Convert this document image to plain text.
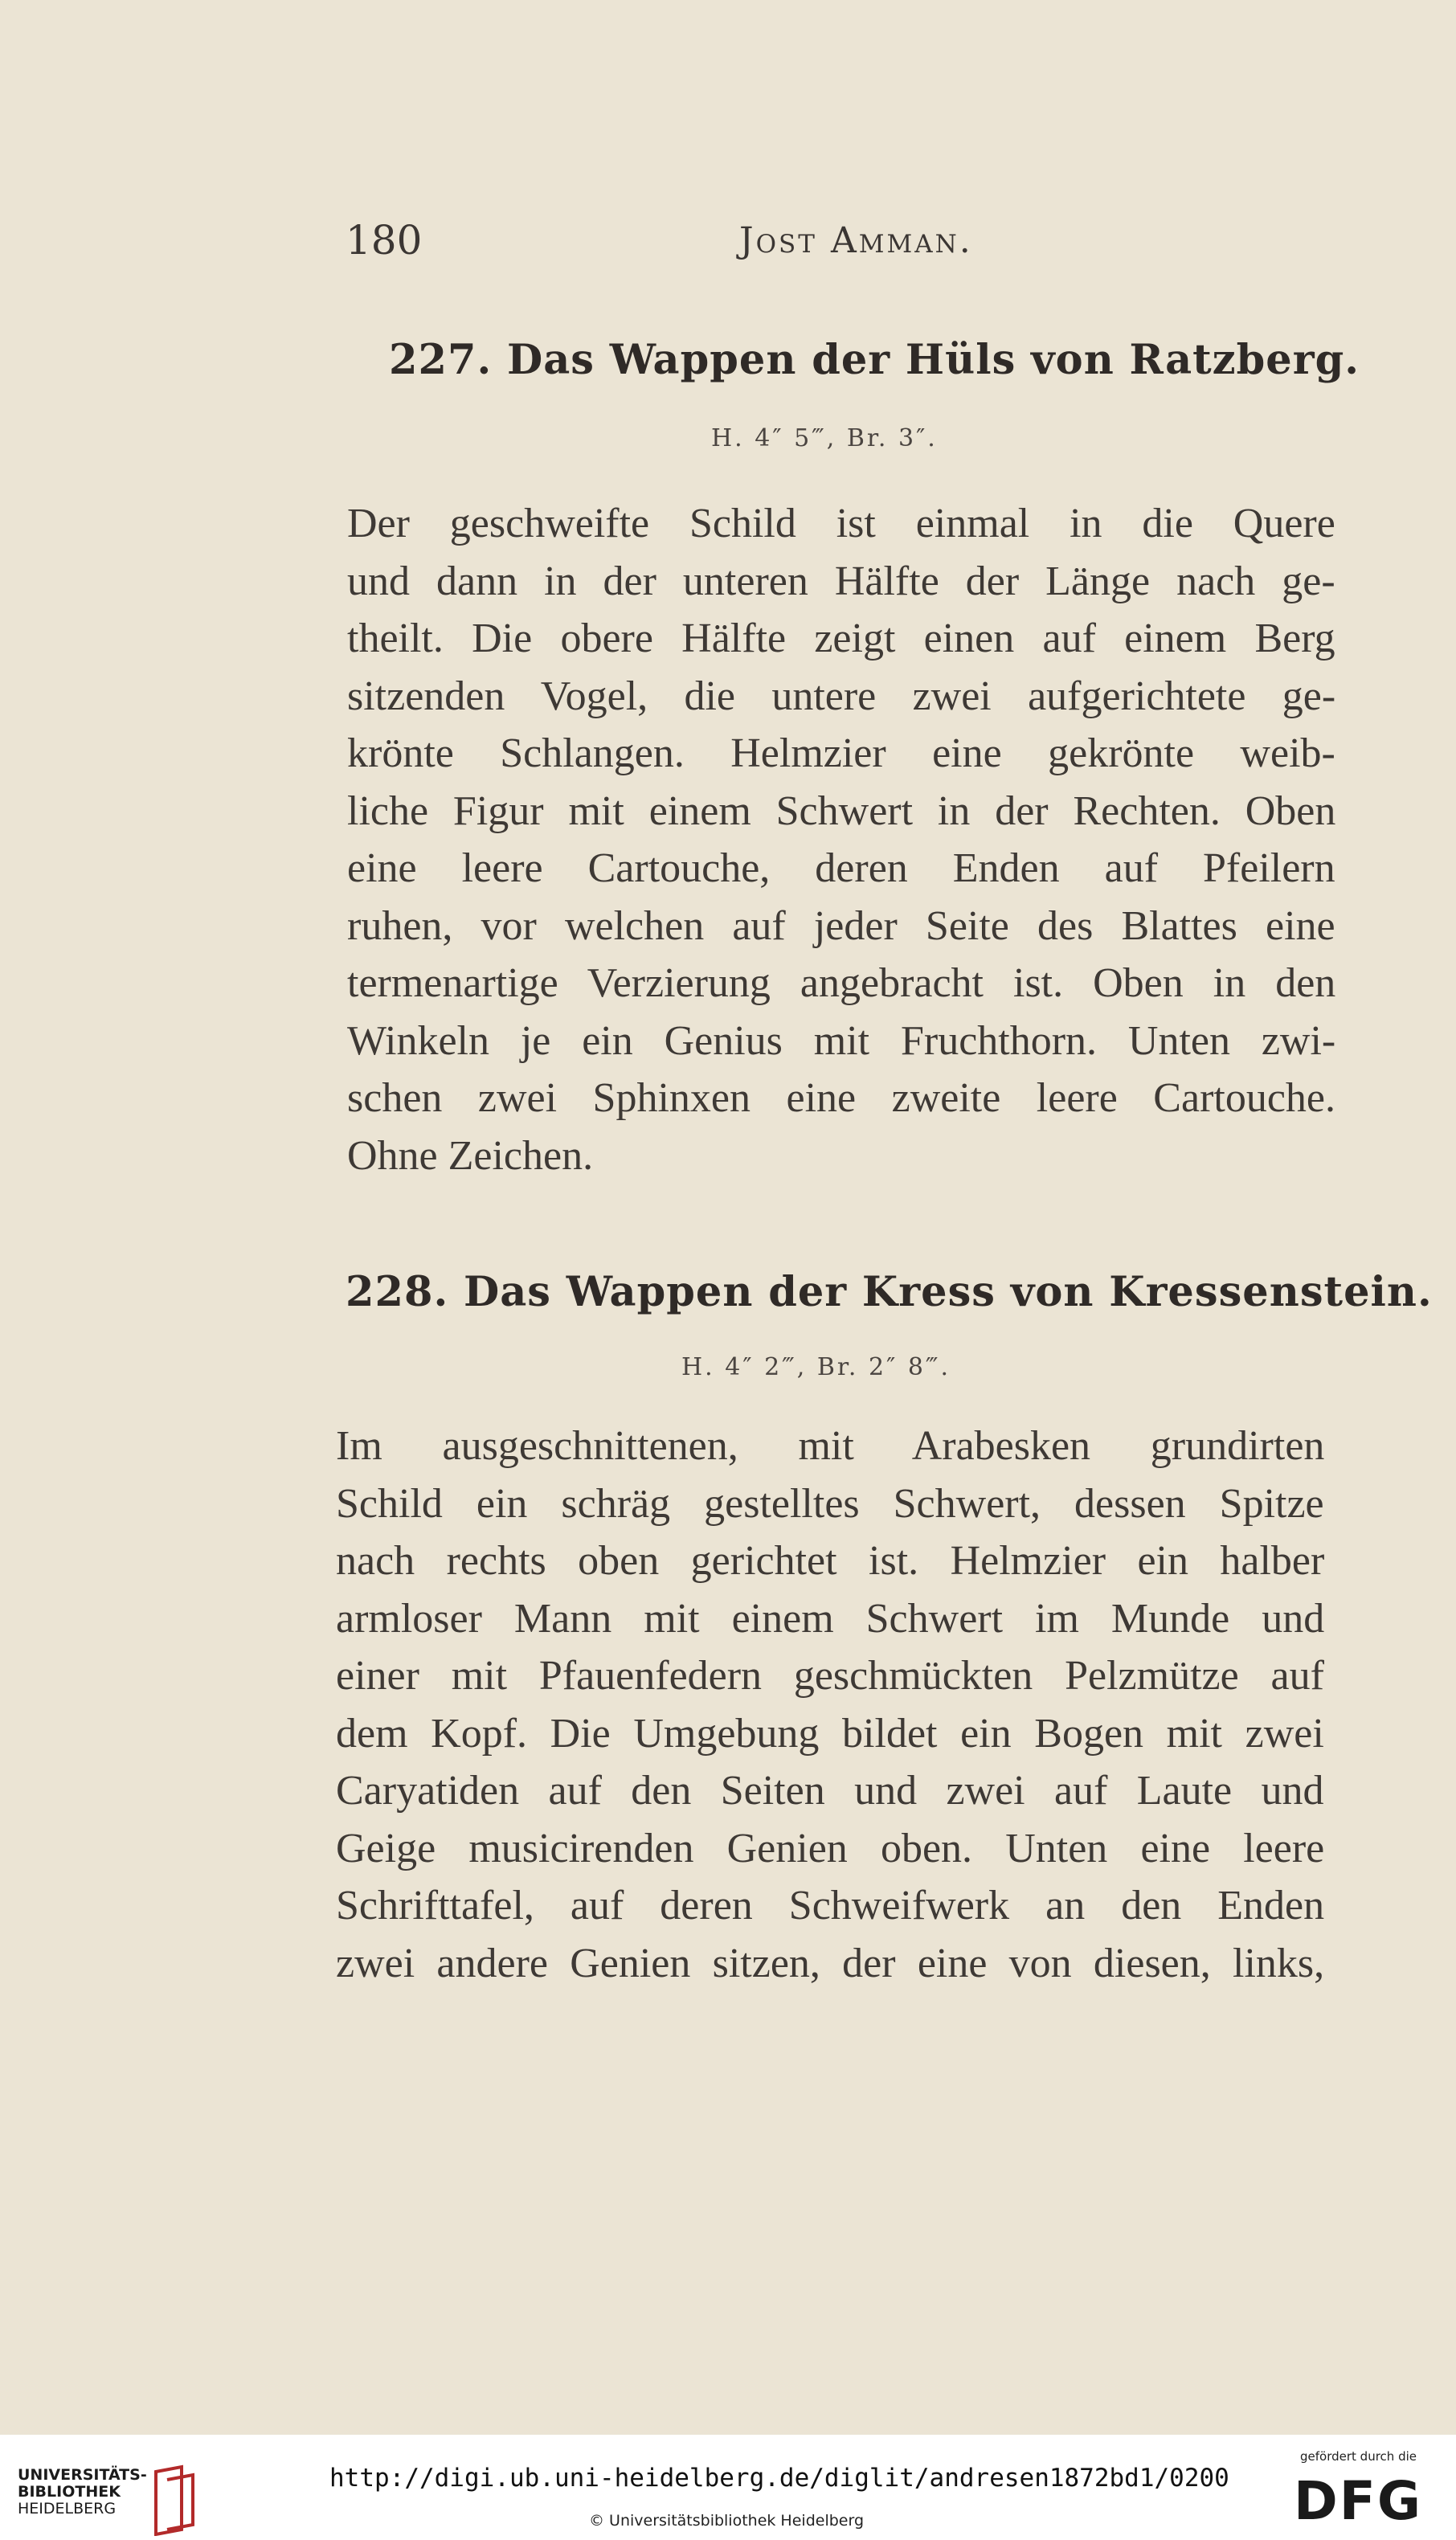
180	Jost Amman.
227. Das Wappen der Hüls von Ratzberg.
H. 4″ 5‴, Br. 3″.
Der geschweifte Schild ist einmal in die Quere
und dann in der unteren Hälfte der Länge nach ge-
theilt. Die obere Hälfte zeigt einen auf einem Berg
sitzenden Vogel, die untere zwei aufgerichtete ge-
krönte Schlangen. Helmzier eine gekrönte weib-
liche Figur mit einem Schwert in der Rechten. Oben
eine leere Cartouche, deren Enden auf Pfeilern
ruhen, vor welchen auf jeder Seite des Blattes eine
termenartige Verzierung angebracht ist. Oben in den
Winkeln je ein Genius mit Fruchthorn. Unten zwi-
schen zwei Sphinxen eine zweite leere Cartouche.
Ohne Zeichen.
228. Das Wappen der Kress von Kressenstein.
H. 4″ 2‴, Br. 2″ 8‴.
Im ausgeschnittenen, mit Arabesken grundirten
Schild ein schräg gestelltes Schwert, dessen Spitze
nach rechts oben gerichtet ist. Helmzier ein halber
armloser Mann mit einem Schwert im Munde und
einer mit Pfauenfedern geschmückten Pelzmütze auf
dem Kopf. Die Umgebung bildet ein Bogen mit zwei
Caryatiden auf den Seiten und zwei auf Laute und
Geige musicirenden Genien oben. Unten eine leere
Schrifttafel, auf deren Schweifwerk an den Enden
zwei andere Genien sitzen, der eine von diesen, links,
UNIVERSITÄTS-
BIBLIOTHEK
HEIDELBERG
http://digi.ub.uni-heidelberg.de/diglit/andresen1872bd1/0200
© Universitätsbibliothek Heidelberg
gefördert durch die
DFG
